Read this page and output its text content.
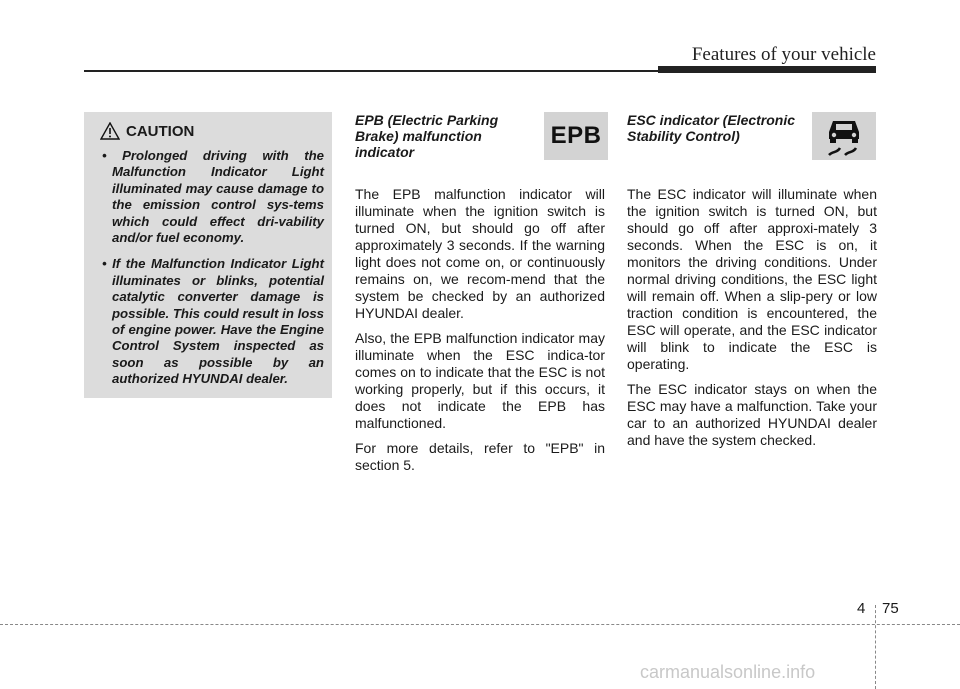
Features of your vehicle
CAUTION

• Prolonged driving with the Malfunction Indicator Light illuminated may cause damage to the emission control sys-tems which could effect dri-vability and/or fuel economy.

• If the Malfunction Indicator Light illuminates or blinks, potential catalytic converter damage is possible. This could result in loss of engine power. Have the Engine Control System inspected as soon as possible by an authorized HYUNDAI dealer.

EPB (Electric Parking Brake) malfunction indicator

The EPB malfunction indicator will illuminate when the ignition switch is turned ON, but should go off after approximately 3 seconds. If the warning light does not come on, or continuously remains on, we recom-mend that the system be checked by an authorized HYUNDAI dealer.

Also, the EPB malfunction indicator may illuminate when the ESC indica-tor comes on to indicate that the ESC is not working properly, but if this occurs, it does not indicate the EPB has malfunctioned.

For more details, refer to "EPB" in section 5.

EPB
ESC indicator (Electronic Stability Control)

The ESC indicator will illuminate when the ignition switch is turned ON, but should go off after approxi-mately 3 seconds. When the ESC is on, it monitors the driving conditions. Under normal driving conditions, the ESC light will remain off. When a slip-pery or low traction condition is encountered, the ESC will operate, and the ESC indicator will blink to indicate the ESC is operating.

The ESC indicator stays on when the ESC may have a malfunction. Take your car to an authorized HYUNDAI dealer and have the system checked.

4 75
carmanualsonline.info
